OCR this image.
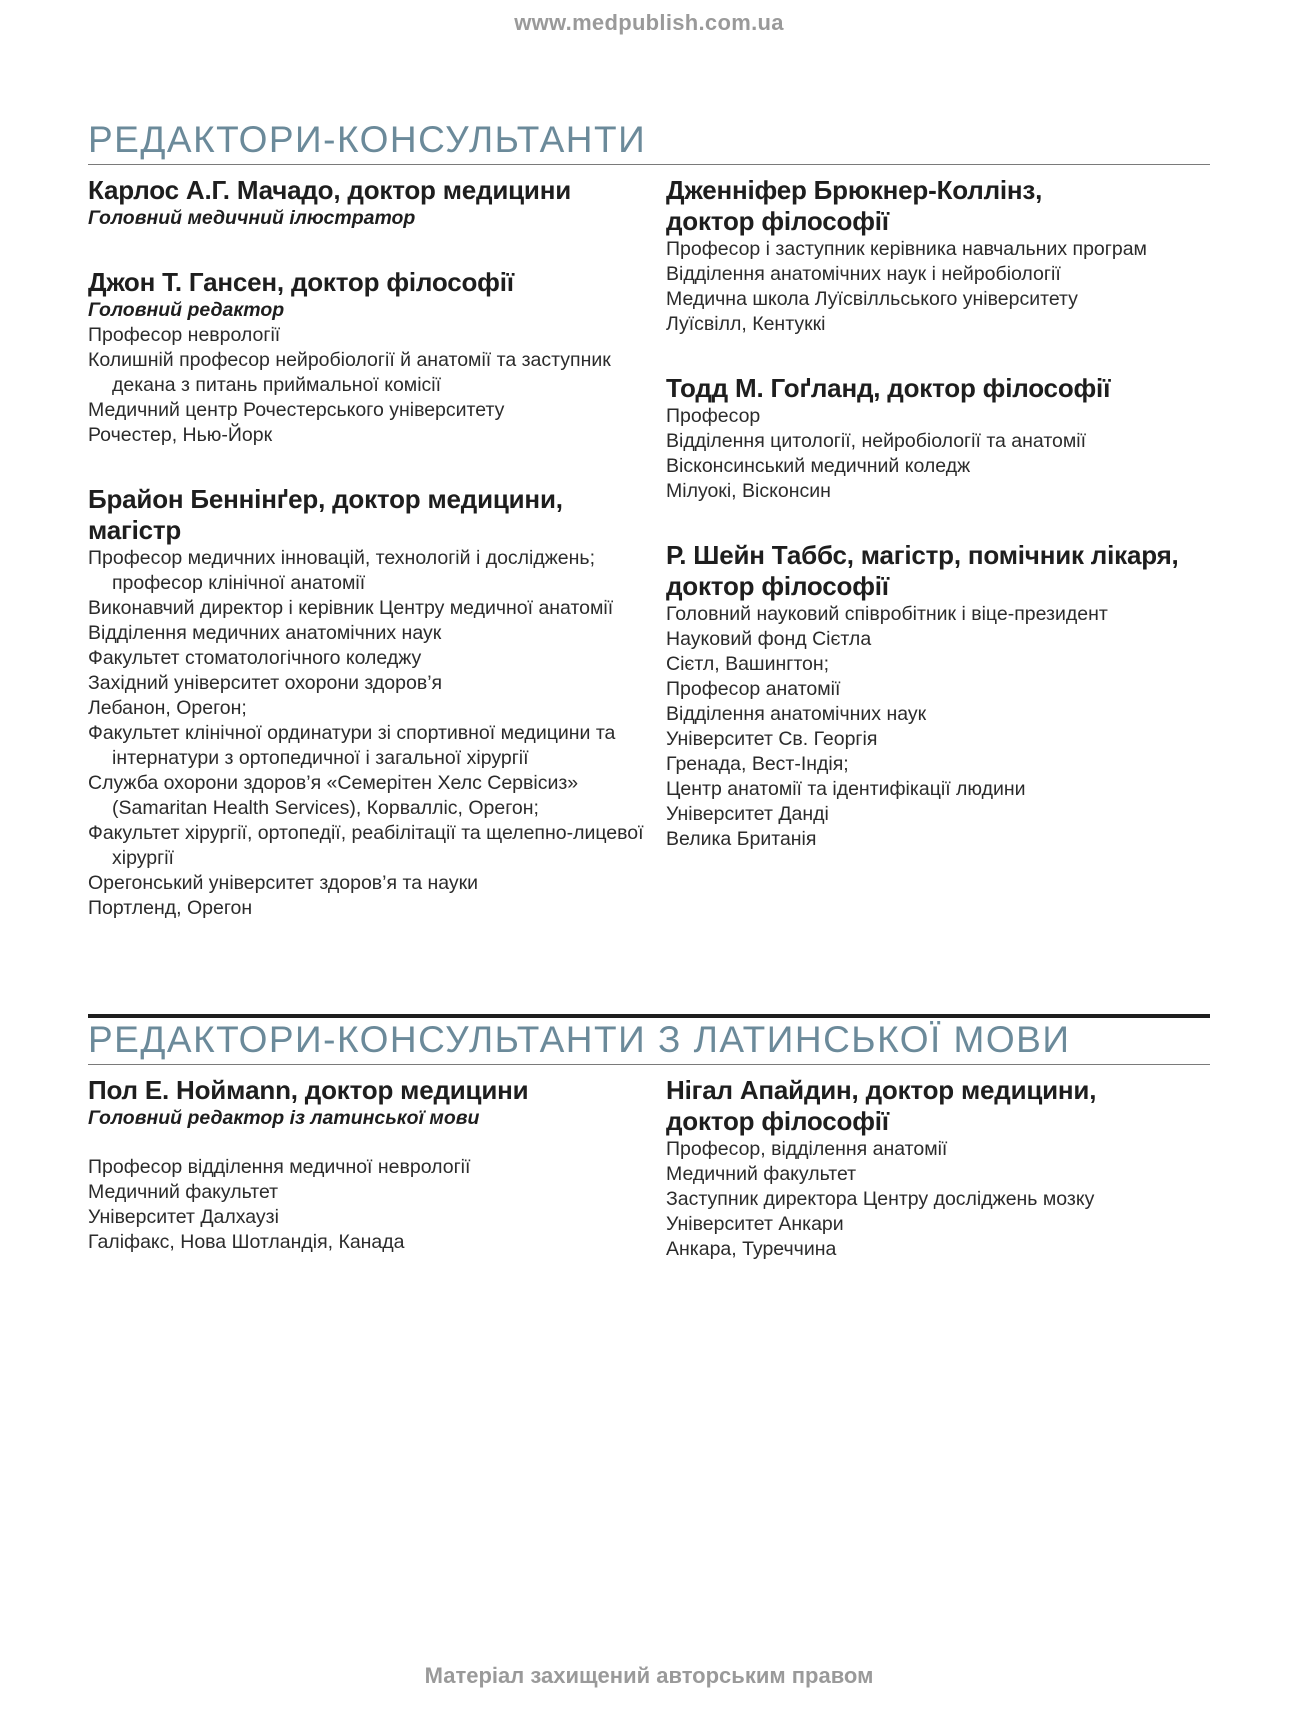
www.medpublish.com.ua
РЕДАКТОРИ-КОНСУЛЬТАНТИ
Карлос А.Г. Мачадо, доктор медицини
Головний медичний ілюстратор
Джон Т. Гансен, доктор філософії
Головний редактор
Професор неврології
Колишній професор нейробіології й анатомії та заступник декана з питань приймальної комісії
Медичний центр Рочестерського університету
Рочестер, Нью-Йорк
Брайон Беннінґер, доктор медицини,
магістр
Професор медичних інновацій, технологій і досліджень; професор клінічної анатомії
Виконавчий директор і керівник Центру медичної анатомії
Відділення медичних анатомічних наук
Факультет стоматологічного коледжу
Західний університет охорони здоров’я
Лебанон, Орегон;
Факультет клінічної ординатури зі спортивної медицини та інтернатури з ортопедичної і загальної хірургії
Служба охорони здоров’я «Семерітен Хелс Сервісиз» (Samaritan Health Services), Корвалліс, Орегон;
Факультет хірургії, ортопедії, реабілітації та щелепно-лицевої хірургії
Орегонський університет здоров’я та науки
Портленд, Орегон
Дженніфер Брюкнер-Коллінз,
доктор філософії
Професор і заступник керівника навчальних програм
Відділення анатомічних наук і нейробіології
Медична школа Луїсвілльського університету
Луїсвілл, Кентуккі
Тодд М. Гоґланд, доктор філософії
Професор
Відділення цитології, нейробіології та анатомії
Вісконсинський медичний коледж
Мілуокі, Вісконсин
Р. Шейн Таббс, магістр, помічник лікаря,
доктор філософії
Головний науковий співробітник і віце-президент
Науковий фонд Сієтла
Сієтл, Вашингтон;
Професор анатомії
Відділення анатомічних наук
Університет Св. Георгія
Гренада, Вест-Індія;
Центр анатомії та ідентифікації людини
Університет Данді
Велика Британія
РЕДАКТОРИ-КОНСУЛЬТАНТИ З ЛАТИНСЬКОЇ МОВИ
Пол Е. Ноймann, доктор медицини
Головний редактор із латинської мови
Професор відділення медичної неврології
Медичний факультет
Університет Далхаузі
Галіфакс, Нова Шотландія, Канада
Нігал Апайдин, доктор медицини,
доктор філософії
Професор, відділення анатомії
Медичний факультет
Заступник директора Центру досліджень мозку
Університет Анкари
Анкара, Туреччина
Матеріал захищений авторським правом
